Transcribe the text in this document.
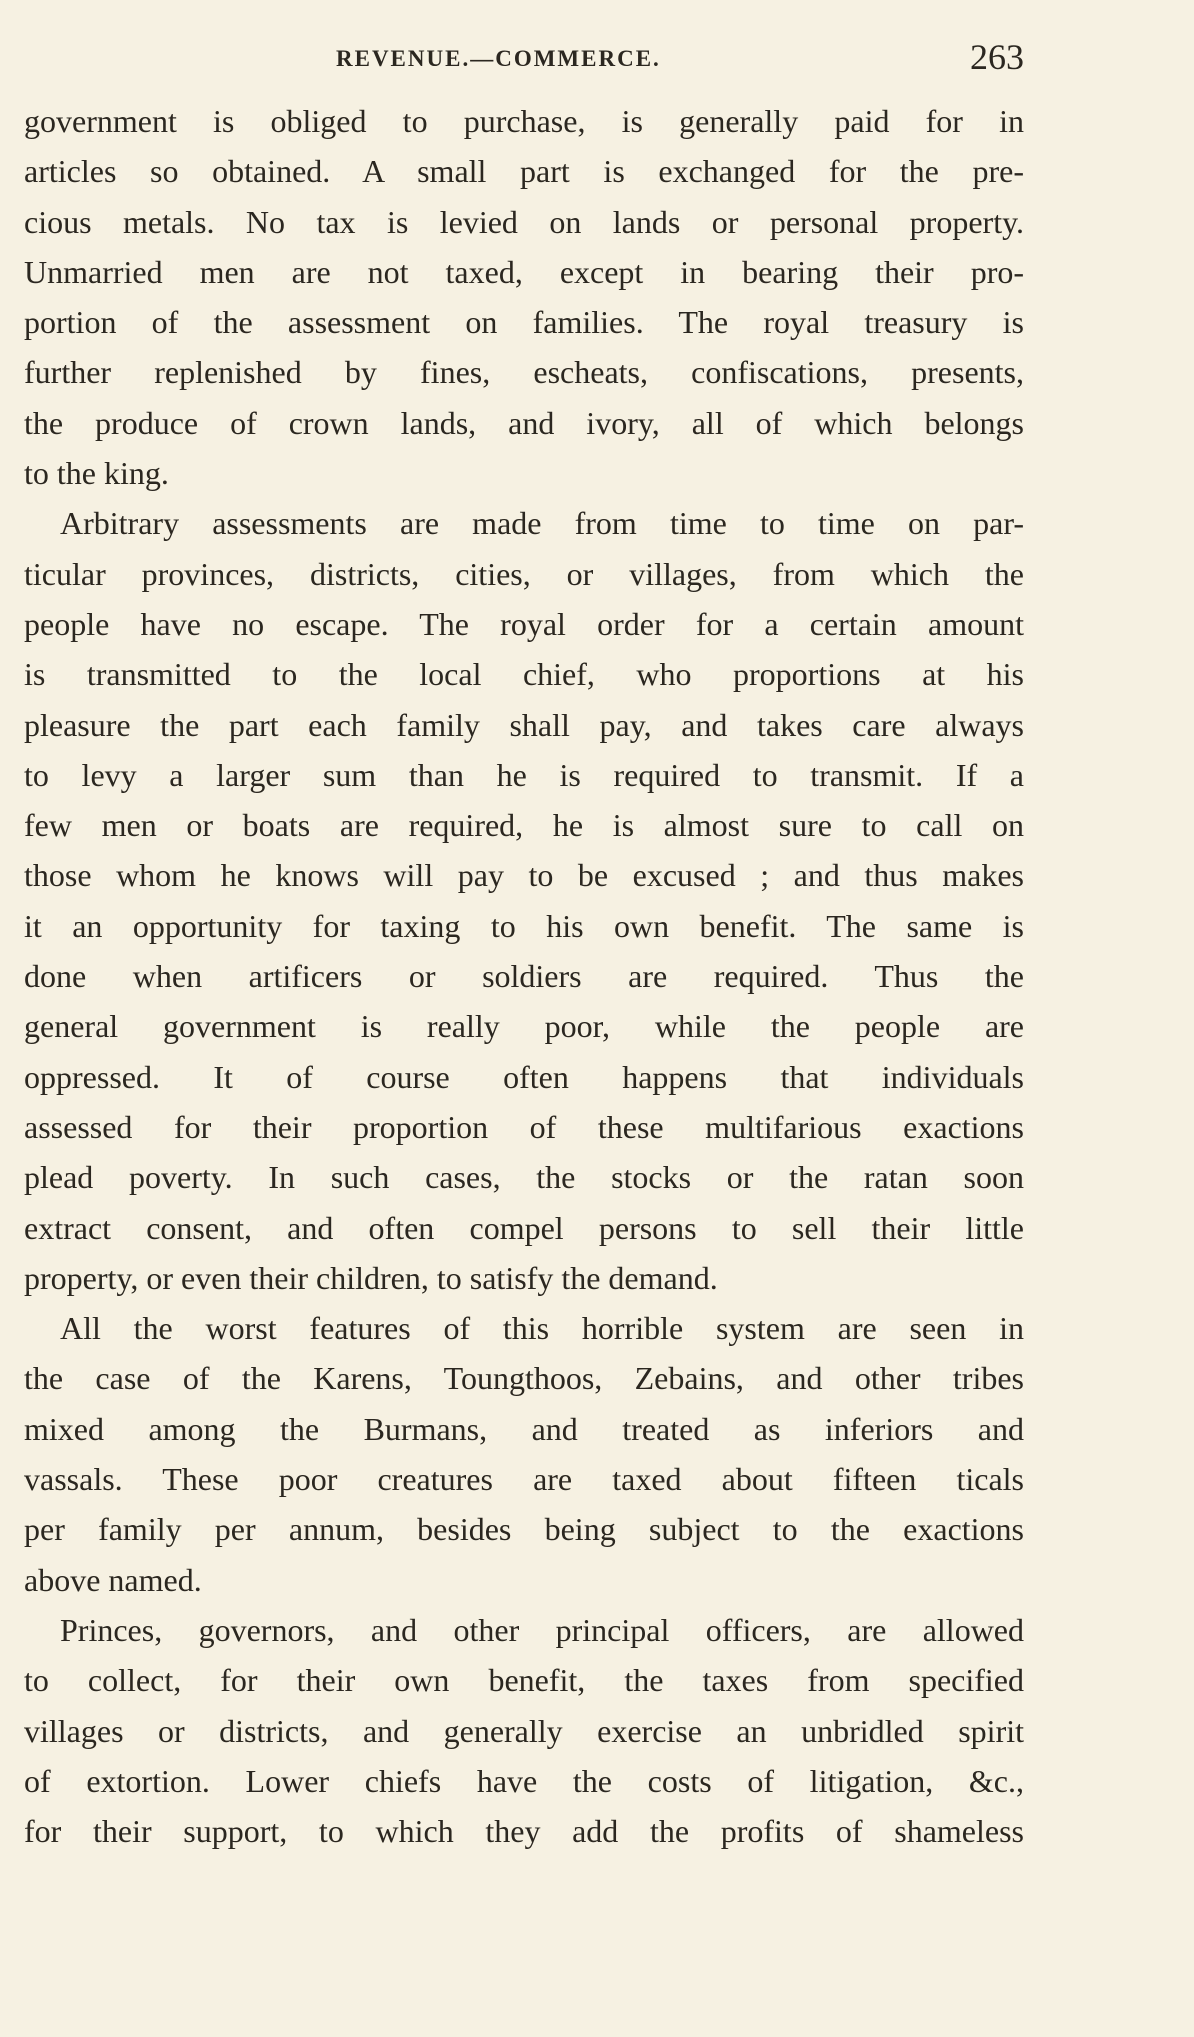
REVENUE.—COMMERCE.	263
government is obliged to purchase, is generally paid for in
articles so obtained. A small part is exchanged for the pre-
cious metals. No tax is levied on lands or personal property.
Unmarried men are not taxed, except in bearing their pro-
portion of the assessment on families. The royal treasury is
further replenished by fines, escheats, confiscations, presents,
the produce of crown lands, and ivory, all of which belongs
to the king.
Arbitrary assessments are made from time to time on par-
ticular provinces, districts, cities, or villages, from which the
people have no escape. The royal order for a certain amount
is transmitted to the local chief, who proportions at his
pleasure the part each family shall pay, and takes care always
to levy a larger sum than he is required to transmit. If a
few men or boats are required, he is almost sure to call on
those whom he knows will pay to be excused ; and thus makes
it an opportunity for taxing to his own benefit. The same is
done when artificers or soldiers are required. Thus the
general government is really poor, while the people are
oppressed. It of course often happens that individuals
assessed for their proportion of these multifarious exactions
plead poverty. In such cases, the stocks or the ratan soon
extract consent, and often compel persons to sell their little
property, or even their children, to satisfy the demand.
All the worst features of this horrible system are seen in
the case of the Karens, Toungthoos, Zebains, and other tribes
mixed among the Burmans, and treated as inferiors and
vassals. These poor creatures are taxed about fifteen ticals
per family per annum, besides being subject to the exactions
above named.
Princes, governors, and other principal officers, are allowed
to collect, for their own benefit, the taxes from specified
villages or districts, and generally exercise an unbridled spirit
of extortion. Lower chiefs have the costs of litigation, &c.,
for their support, to which they add the profits of shameless
